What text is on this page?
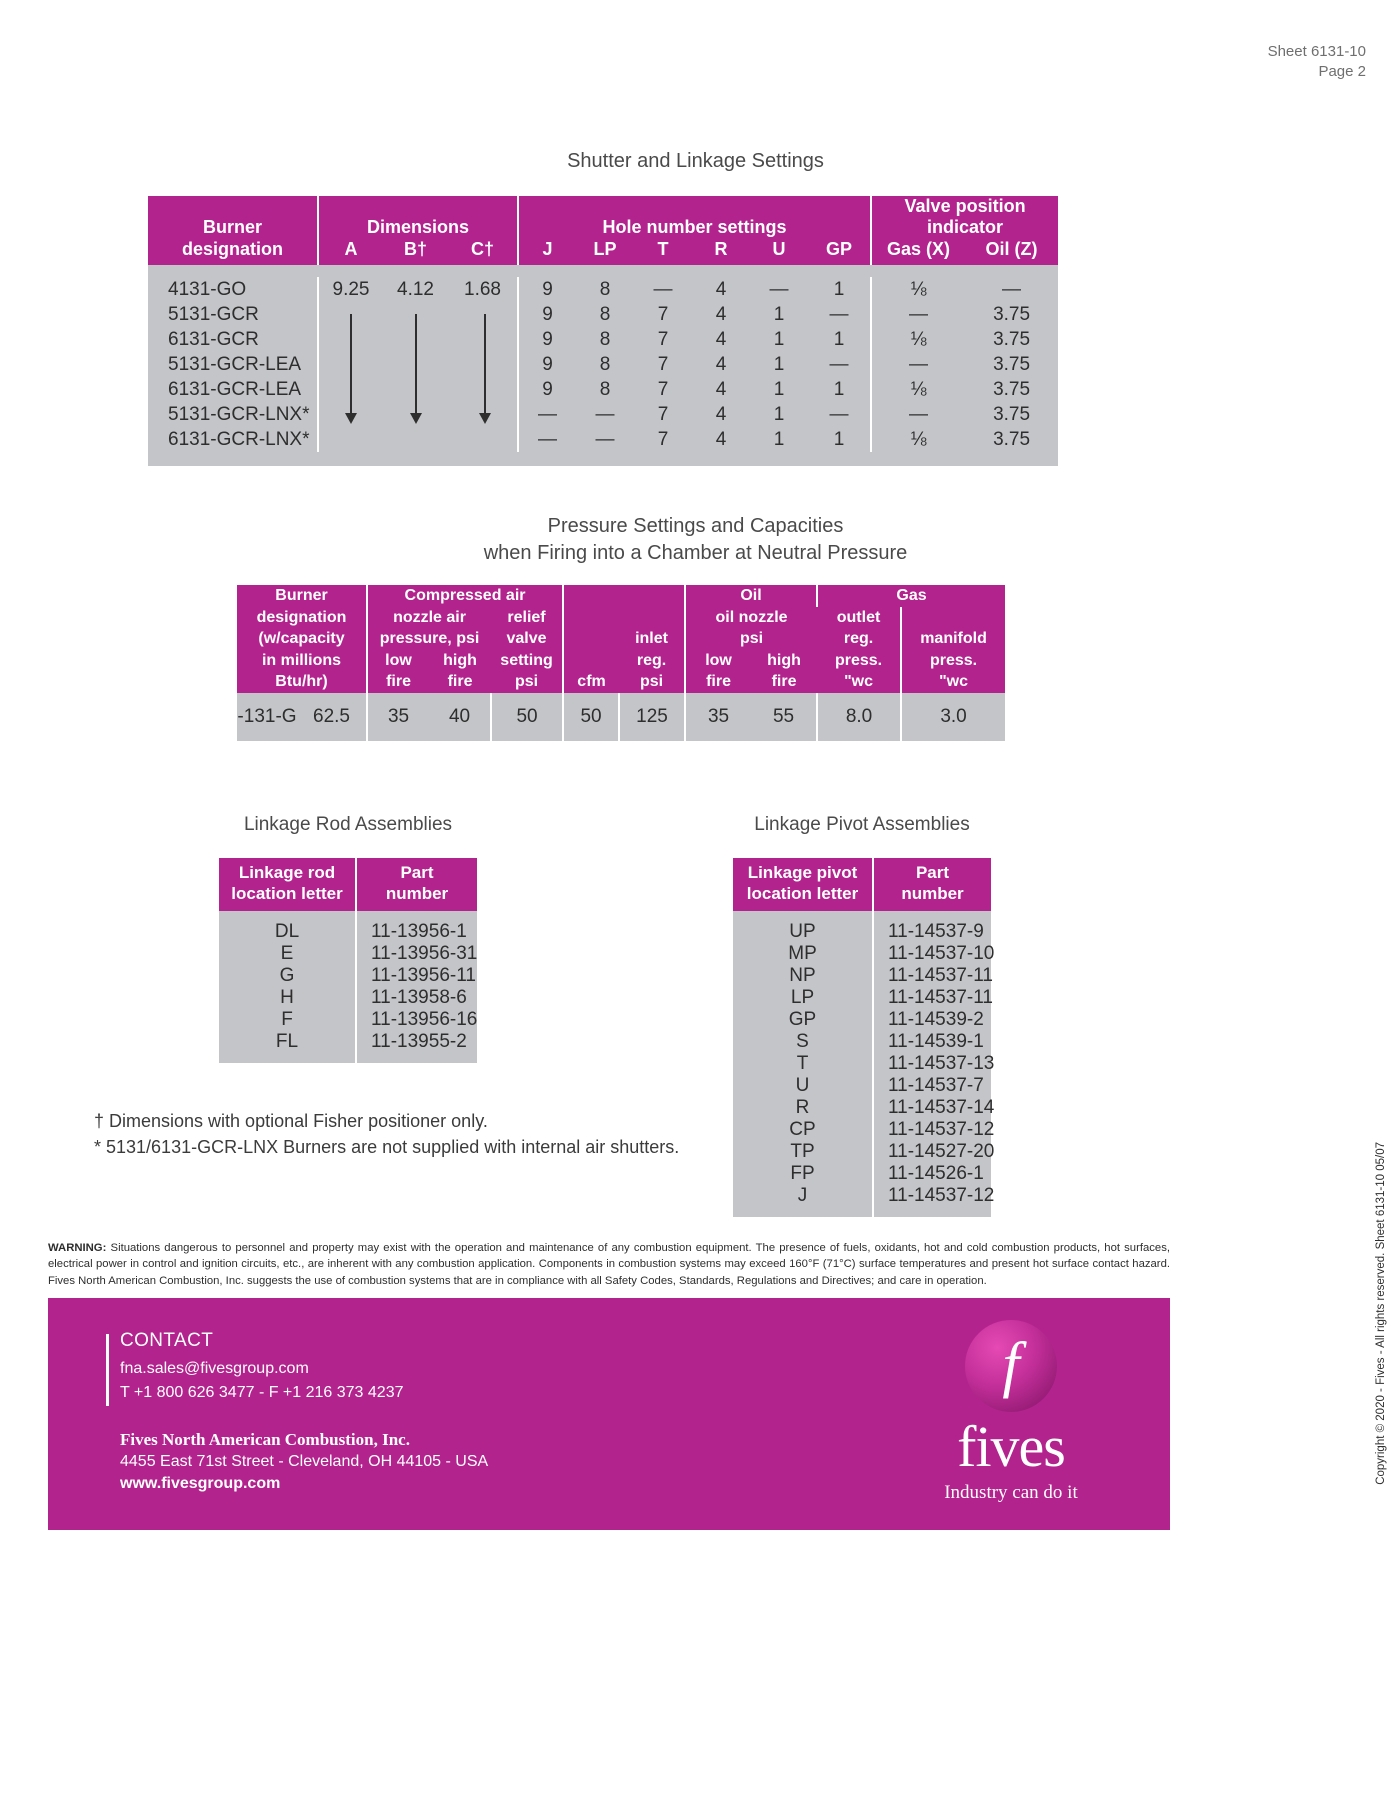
Sheet 6131-10
Page 2
Shutter and Linkage Settings
Burner	Dimensions			Hole number settings						Valve position
indicator	

designation	A	B†	C†	J	LP	T	R	U	GP	Gas (X)	Oil (Z)

4131-GO	9.25	4.12	1.68	9	8	—	4	—	1	⅛	—
5131-GCR				9	8	7	4	1	—	—	3.75
6131-GCR				9	8	7	4	1	1	⅛	3.75
5131-GCR-LEA				9	8	7	4	1	—	—	3.75
6131-GCR-LEA				9	8	7	4	1	1	⅛	3.75
5131-GCR-LNX*				—	—	7	4	1	—	—	3.75
6131-GCR-LNX*				—	—	7	4	1	1	⅛	3.75

Pressure Settings and Capacities
when Firing into a Chamber at Neutral Pressure
Burner		Compressed air					Oil		Gas	
designation		nozzle air		relief			oil nozzle		outlet	
(w/capacity		pressure, psi		valve		inlet	psi		reg.	manifold
in millions		low	high	setting		reg.	low	high	press.	press.
Btu/hr)		fire	fire	psi	cfm	psi	fire	fire	"wc	"wc
-131-G	62.5	35	40	50	50	125	35	55	8.0	3.0
Linkage Rod Assemblies
Linkage rod
location letter

Part
number

DL	11-13956-1
E	11-13956-31
G	11-13956-11
H	11-13958-6
F	11-13956-16
FL	11-13955-2

Linkage Pivot Assemblies
Linkage pivot
location letter

Part
number

UP	11-14537-9
MP	11-14537-10
NP	11-14537-11
LP	11-14537-11
GP	11-14539-2
S	11-14539-1
T	11-14537-13
U	11-14537-7
R	11-14537-14
CP	11-14537-12
TP	11-14527-20
FP	11-14526-1
J	11-14537-12

† Dimensions with optional Fisher positioner only.
* 5131/6131-GCR-LNX Burners are not supplied with internal air shutters.
WARNING: Situations dangerous to personnel and property may exist with the operation and maintenance of any combustion equipment. The presence of fuels, oxidants, hot and cold combustion products, hot surfaces, electrical power in control and ignition circuits, etc., are inherent with any combustion application. Components in combustion systems may exceed 160°F (71°C) surface temperatures and present hot surface contact hazard. Fives North American Combustion, Inc. suggests the use of combustion systems that are in compliance with all Safety Codes, Standards, Regulations and Directives; and care in operation.
CONTACT
fna.sales@fivesgroup.com
T +1 800 626 3477 - F +1 216 373 4237
Fives North American Combustion, Inc.
4455 East 71st Street - Cleveland, OH 44105 - USA
www.fivesgroup.com
f
fives
Industry can do it
Copyright © 2020 - Fives - All rights reserved. Sheet 6131-10 05/07
